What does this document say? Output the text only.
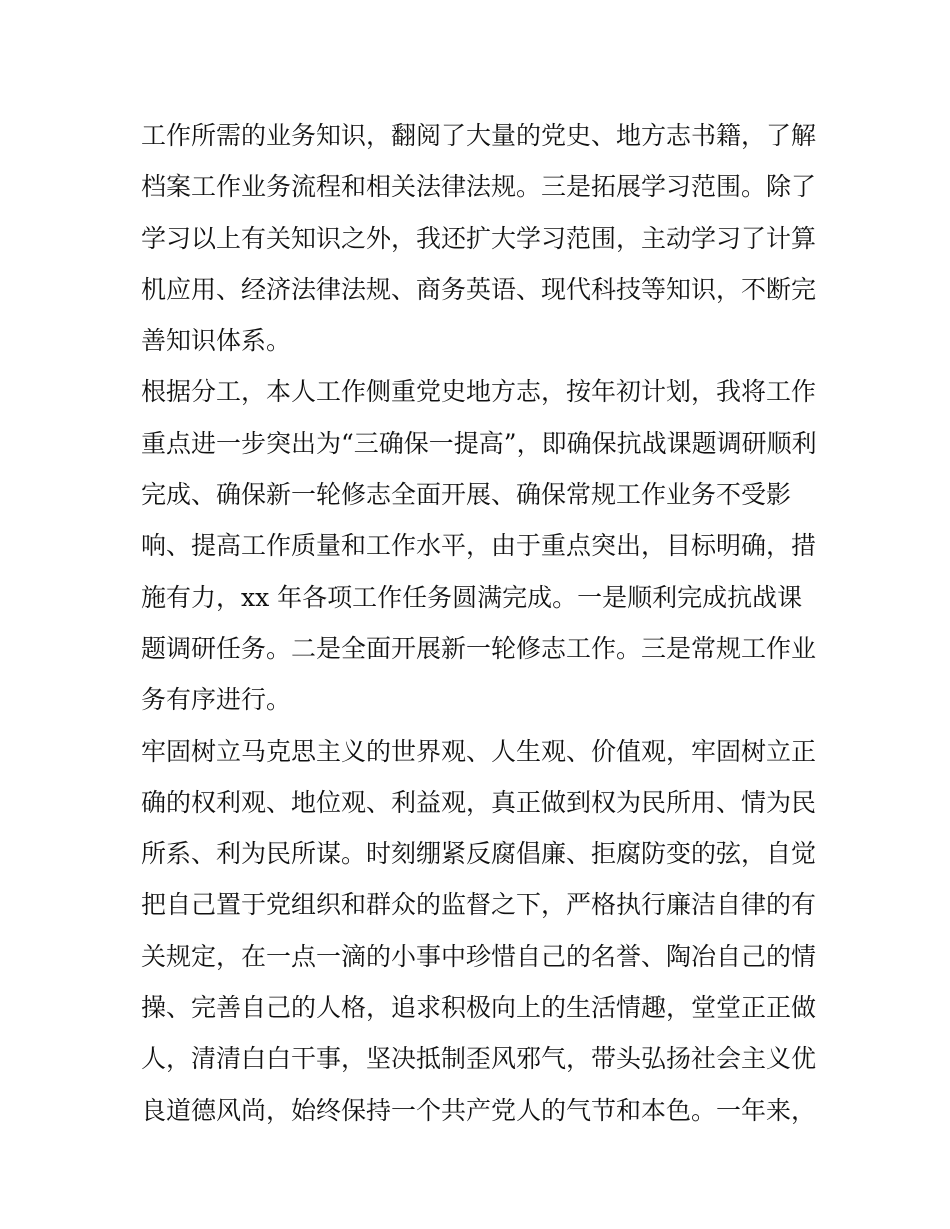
工作所需的业务知识，翻阅了大量的党史、地方志书籍，了解

档案工作业务流程和相关法律法规。三是拓展学习范围。除了

学习以上有关知识之外，我还扩大学习范围，主动学习了计算

机应用、经济法律法规、商务英语、现代科技等知识，不断完

善知识体系。

根据分工，本人工作侧重党史地方志，按年初计划，我将工作

重点进一步突出为“三确保一提高”，即确保抗战课题调研顺利

完成、确保新一轮修志全面开展、确保常规工作业务不受影

响、提高工作质量和工作水平，由于重点突出，目标明确，措

施有力，xx 年各项工作任务圆满完成。一是顺利完成抗战课

题调研任务。二是全面开展新一轮修志工作。三是常规工作业

务有序进行。

牢固树立马克思主义的世界观、人生观、价值观，牢固树立正

确的权利观、地位观、利益观，真正做到权为民所用、情为民

所系、利为民所谋。时刻绷紧反腐倡廉、拒腐防变的弦，自觉

把自己置于党组织和群众的监督之下，严格执行廉洁自律的有

关规定，在一点一滴的小事中珍惜自己的名誉、陶冶自己的情

操、完善自己的人格，追求积极向上的生活情趣，堂堂正正做

人，清清白白干事，坚决抵制歪风邪气，带头弘扬社会主义优

良道德风尚，始终保持一个共产党人的气节和本色。一年来，
